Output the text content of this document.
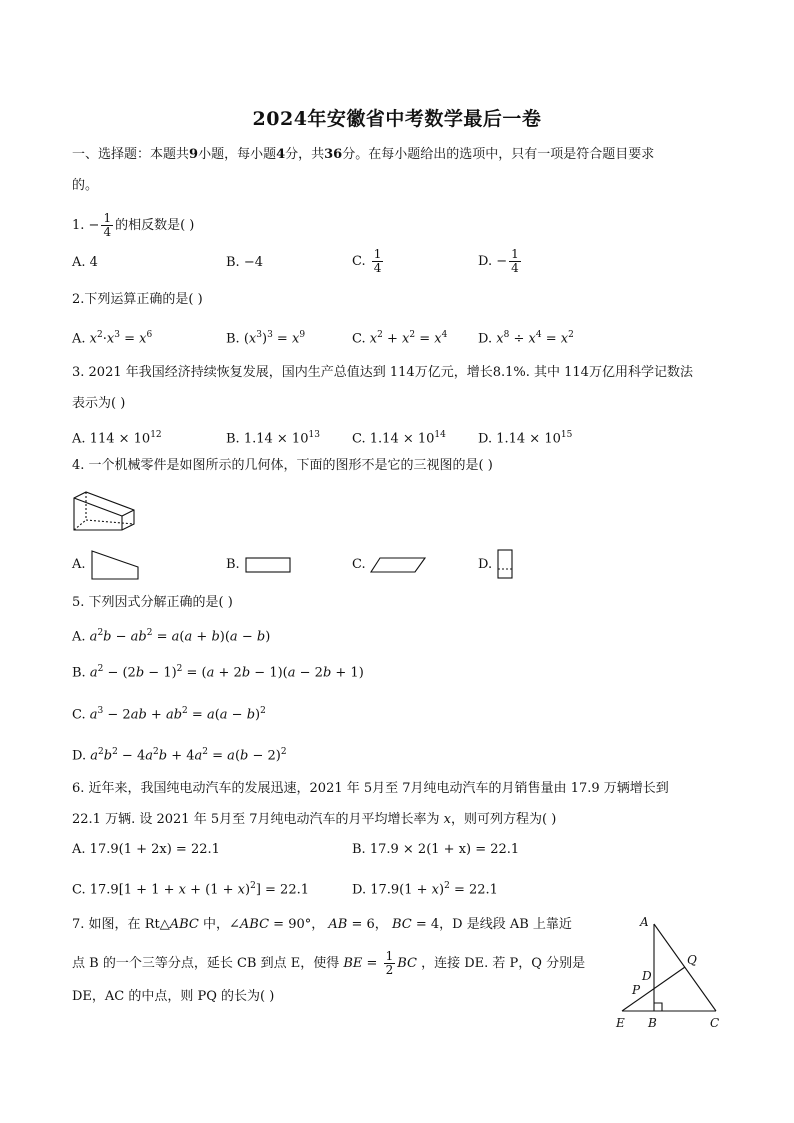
2024年安徽省中考数学最后一卷
一、选择题：本题共9小题，每小题4分，共36分。在每小题给出的选项中，只有一项是符合题目要求
的。
1. − $\frac{1}{4}$ 的相反数是( )
A. 4	B. −4	C. $\frac{1}{4}$	D. − $\frac{1}{4}$
2.下列运算正确的是( )
A. $x^2\cdot x^3 = x^6$	B. $(x^3)^3 = x^9$	C. $x^2 + x^2 = x^4$ D. $x^8 \div x^4 = x^2$
3. 2021 年我国经济持续恢复发展，国内生产总值达到 114万亿元，增长8.1%. 其中 114万亿用科学记数法
表示为( )
A. $114 \times 10^{12}$	B. $1.14 \times 10^{13}$ C. $1.14 \times 10^{14}$ D. $1.14 \times 10^{15}$
4. 一个机械零件是如图所示的几何体，下面的图形不是它的三视图的是( )
A.	B.	C.	D.
5. 下列因式分解正确的是( )
A. $a^2b - ab^2 = a(a + b)(a - b)$
B. $a^2 - (2b - 1)^2 = (a + 2b - 1)(a - 2b + 1)$
C. $a^3 - 2ab + ab^2 = a(a - b)^2$
D. $a^2b^2 - 4a^2b + 4a^2 = a(b - 2)^2$
6. 近年来，我国纯电动汽车的发展迅速，2021 年 5月至 7月纯电动汽车的月销售量由 17.9 万辆增长到
22.1 万辆. 设 2021 年 5月至 7月纯电动汽车的月平均增长率为 x，则可列方程为( )
A. 17.9(1 + 2x) = 22.1	B. 17.9 × 2(1 + x) = 22.1
C. $17.9[1 + 1 + x + (1 + x)^2] = 22.1$	D. $17.9(1 + x)^2 = 22.1$
7. 如图，在 Rt△ABC 中，∠ABC = 90°， AB = 6， BC = 4，D 是线段 AB 上靠近
点 B 的一个三等分点，延长 CB 到点 E，使得 BE = $\frac{1}{2}$ BC ，连接 DE. 若 P，Q 分别是
DE，AC 的中点，则 PQ 的长为( )
A
Q
D
P
E B	C
